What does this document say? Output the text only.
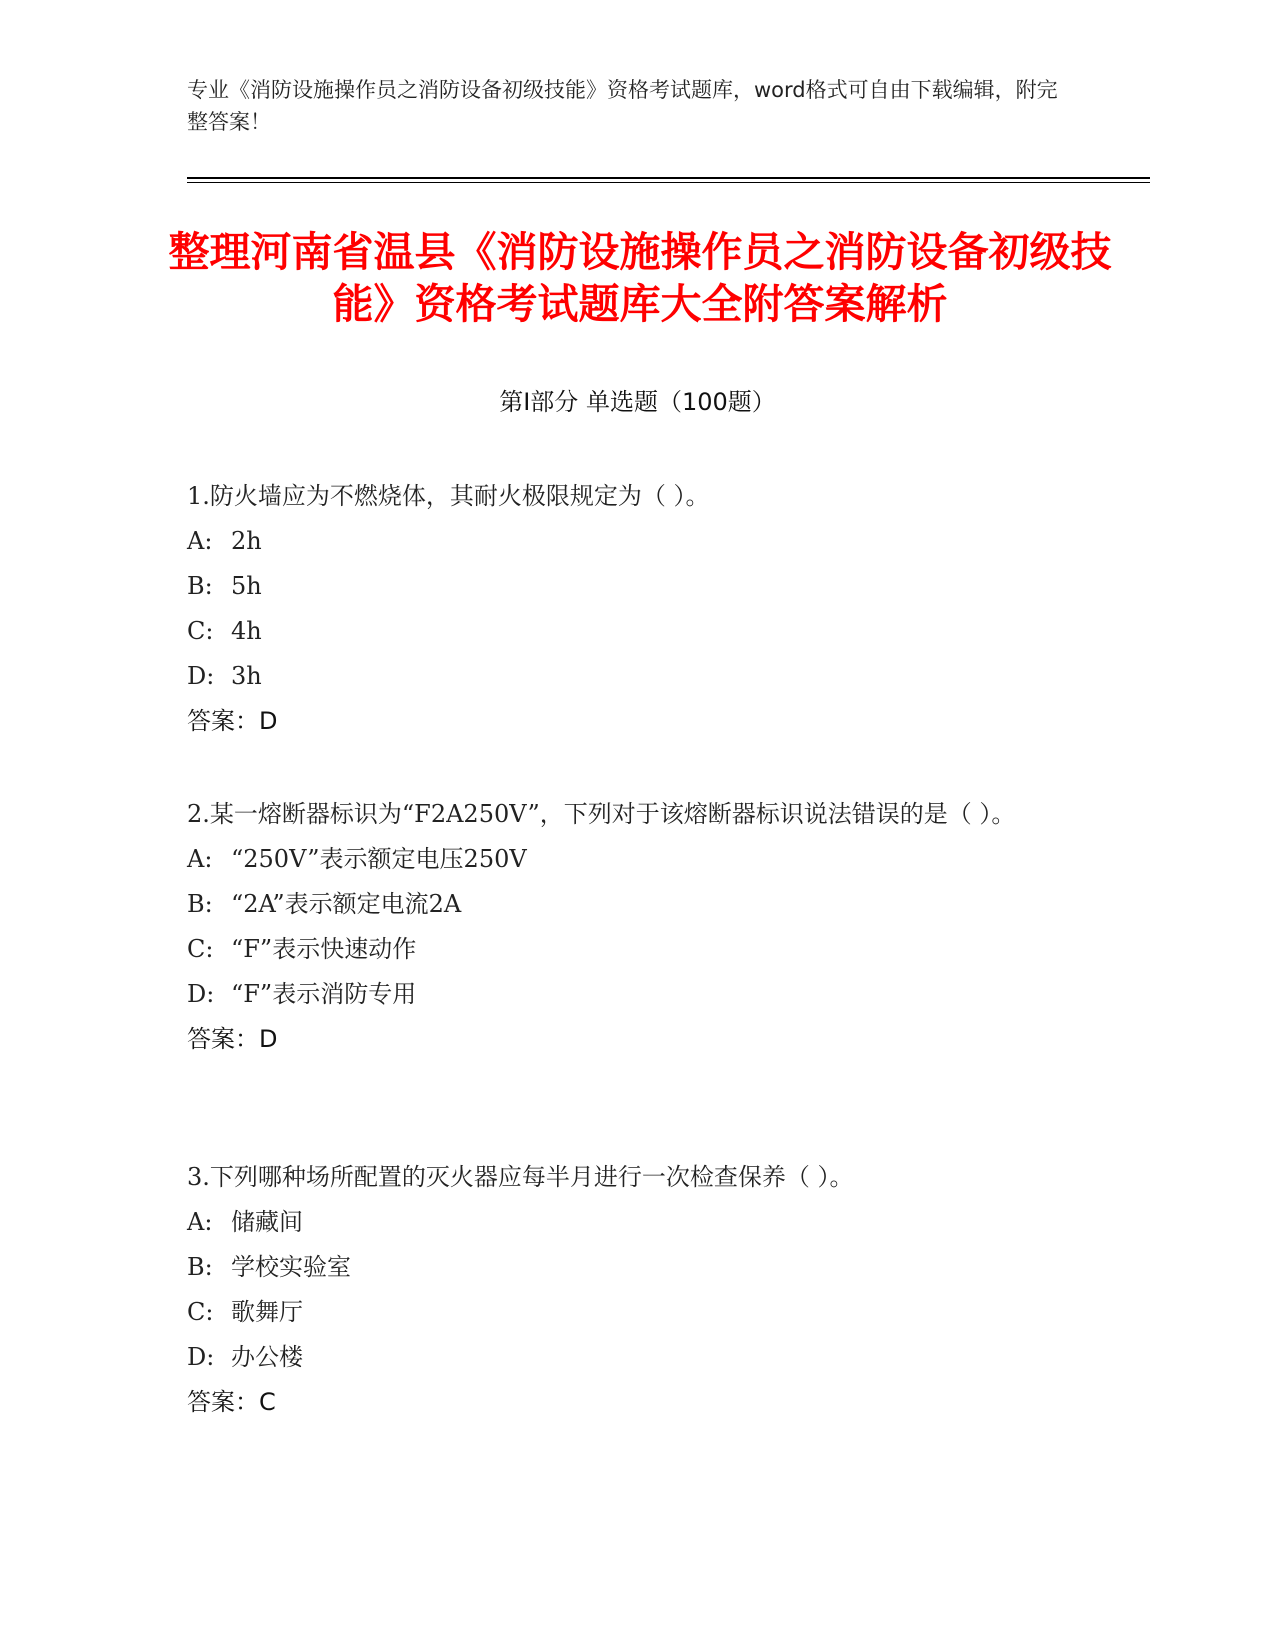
专业《消防设施操作员之消防设备初级技能》资格考试题库，word格式可自由下载编辑，附完整答案！
整理河南省温县《消防设施操作员之消防设备初级技能》资格考试题库大全附答案解析
第I部分 单选题（100题）

1.防火墙应为不燃烧体，其耐火极限规定为（ ）。

A: 2h
B: 5h
C: 4h
D: 3h
答案：D

2.某一熔断器标识为“F2A250V”，下列对于该熔断器标识说法错误的是（ ）。

A: “250V”表示额定电压250V
B: “2A”表示额定电流2A
C: “F”表示快速动作
D: “F”表示消防专用
答案：D

3.下列哪种场所配置的灭火器应每半月进行一次检查保养（ ）。

A: 储藏间
B: 学校实验室
C: 歌舞厅
D: 办公楼
答案：C
